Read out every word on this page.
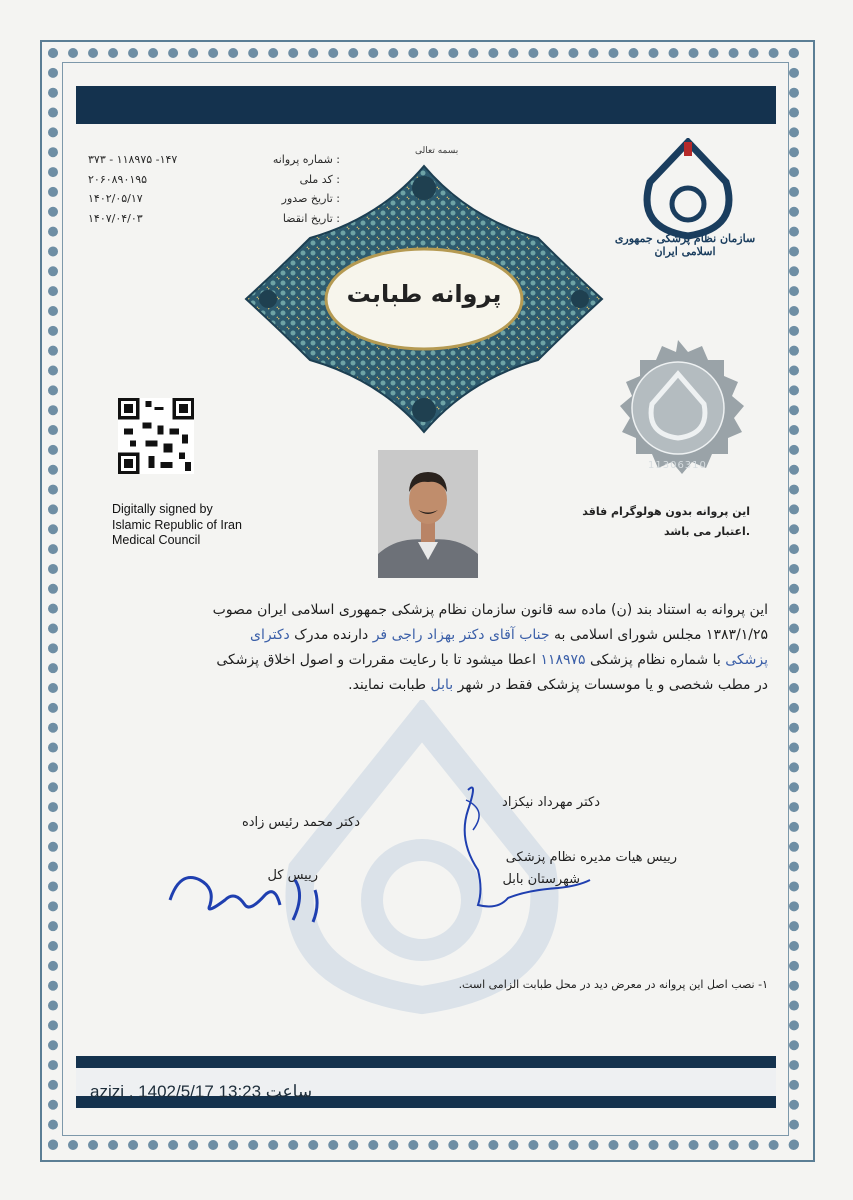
شماره پروانه :
کد ملی :
تاریخ صدور :
تاریخ انقضا :
۳۷۳ - ۱۱۸۹۷۵ -۱۴۷
۲۰۶۰۸۹۰۱۹۵
۱۴۰۲/۰۵/۱۷
۱۴۰۷/۰۴/۰۳
بسمه تعالی
پروانه طبابت
سازمان نظام پزشکی جمهوری اسلامی ایران
Digitally signed by
Islamic Republic of Iran
Medical Council
11306310
این پروانه بدون هولوگرام فاقد
اعتبار می باشد.
این پروانه به استناد بند (ن) ماده سه قانون سازمان نظام پزشکی جمهوری اسلامی ایران مصوب
۱۳۸۳/۱/۲۵ مجلس شورای اسلامی به جناب آقای دکتر بهزاد راجی فر دارنده مدرک دکترای
پزشکی با شماره نظام پزشکی ۱۱۸۹۷۵ اعطا میشود تا با رعایت مقررات و اصول اخلاق پزشکی
در مطب شخصی و یا موسسات پزشکی فقط در شهر بابل طبابت نمایند.
دکتر مهرداد نیکزاد
رییس هیات مدیره نظام پزشکی
شهرستان بابل
دکتر محمد رئیس زاده
رییس کل
۱- نصب اصل این پروانه در معرض دید در محل طبابت الزامی است.
azizi , 1402/5/17 13:23 ساعت
